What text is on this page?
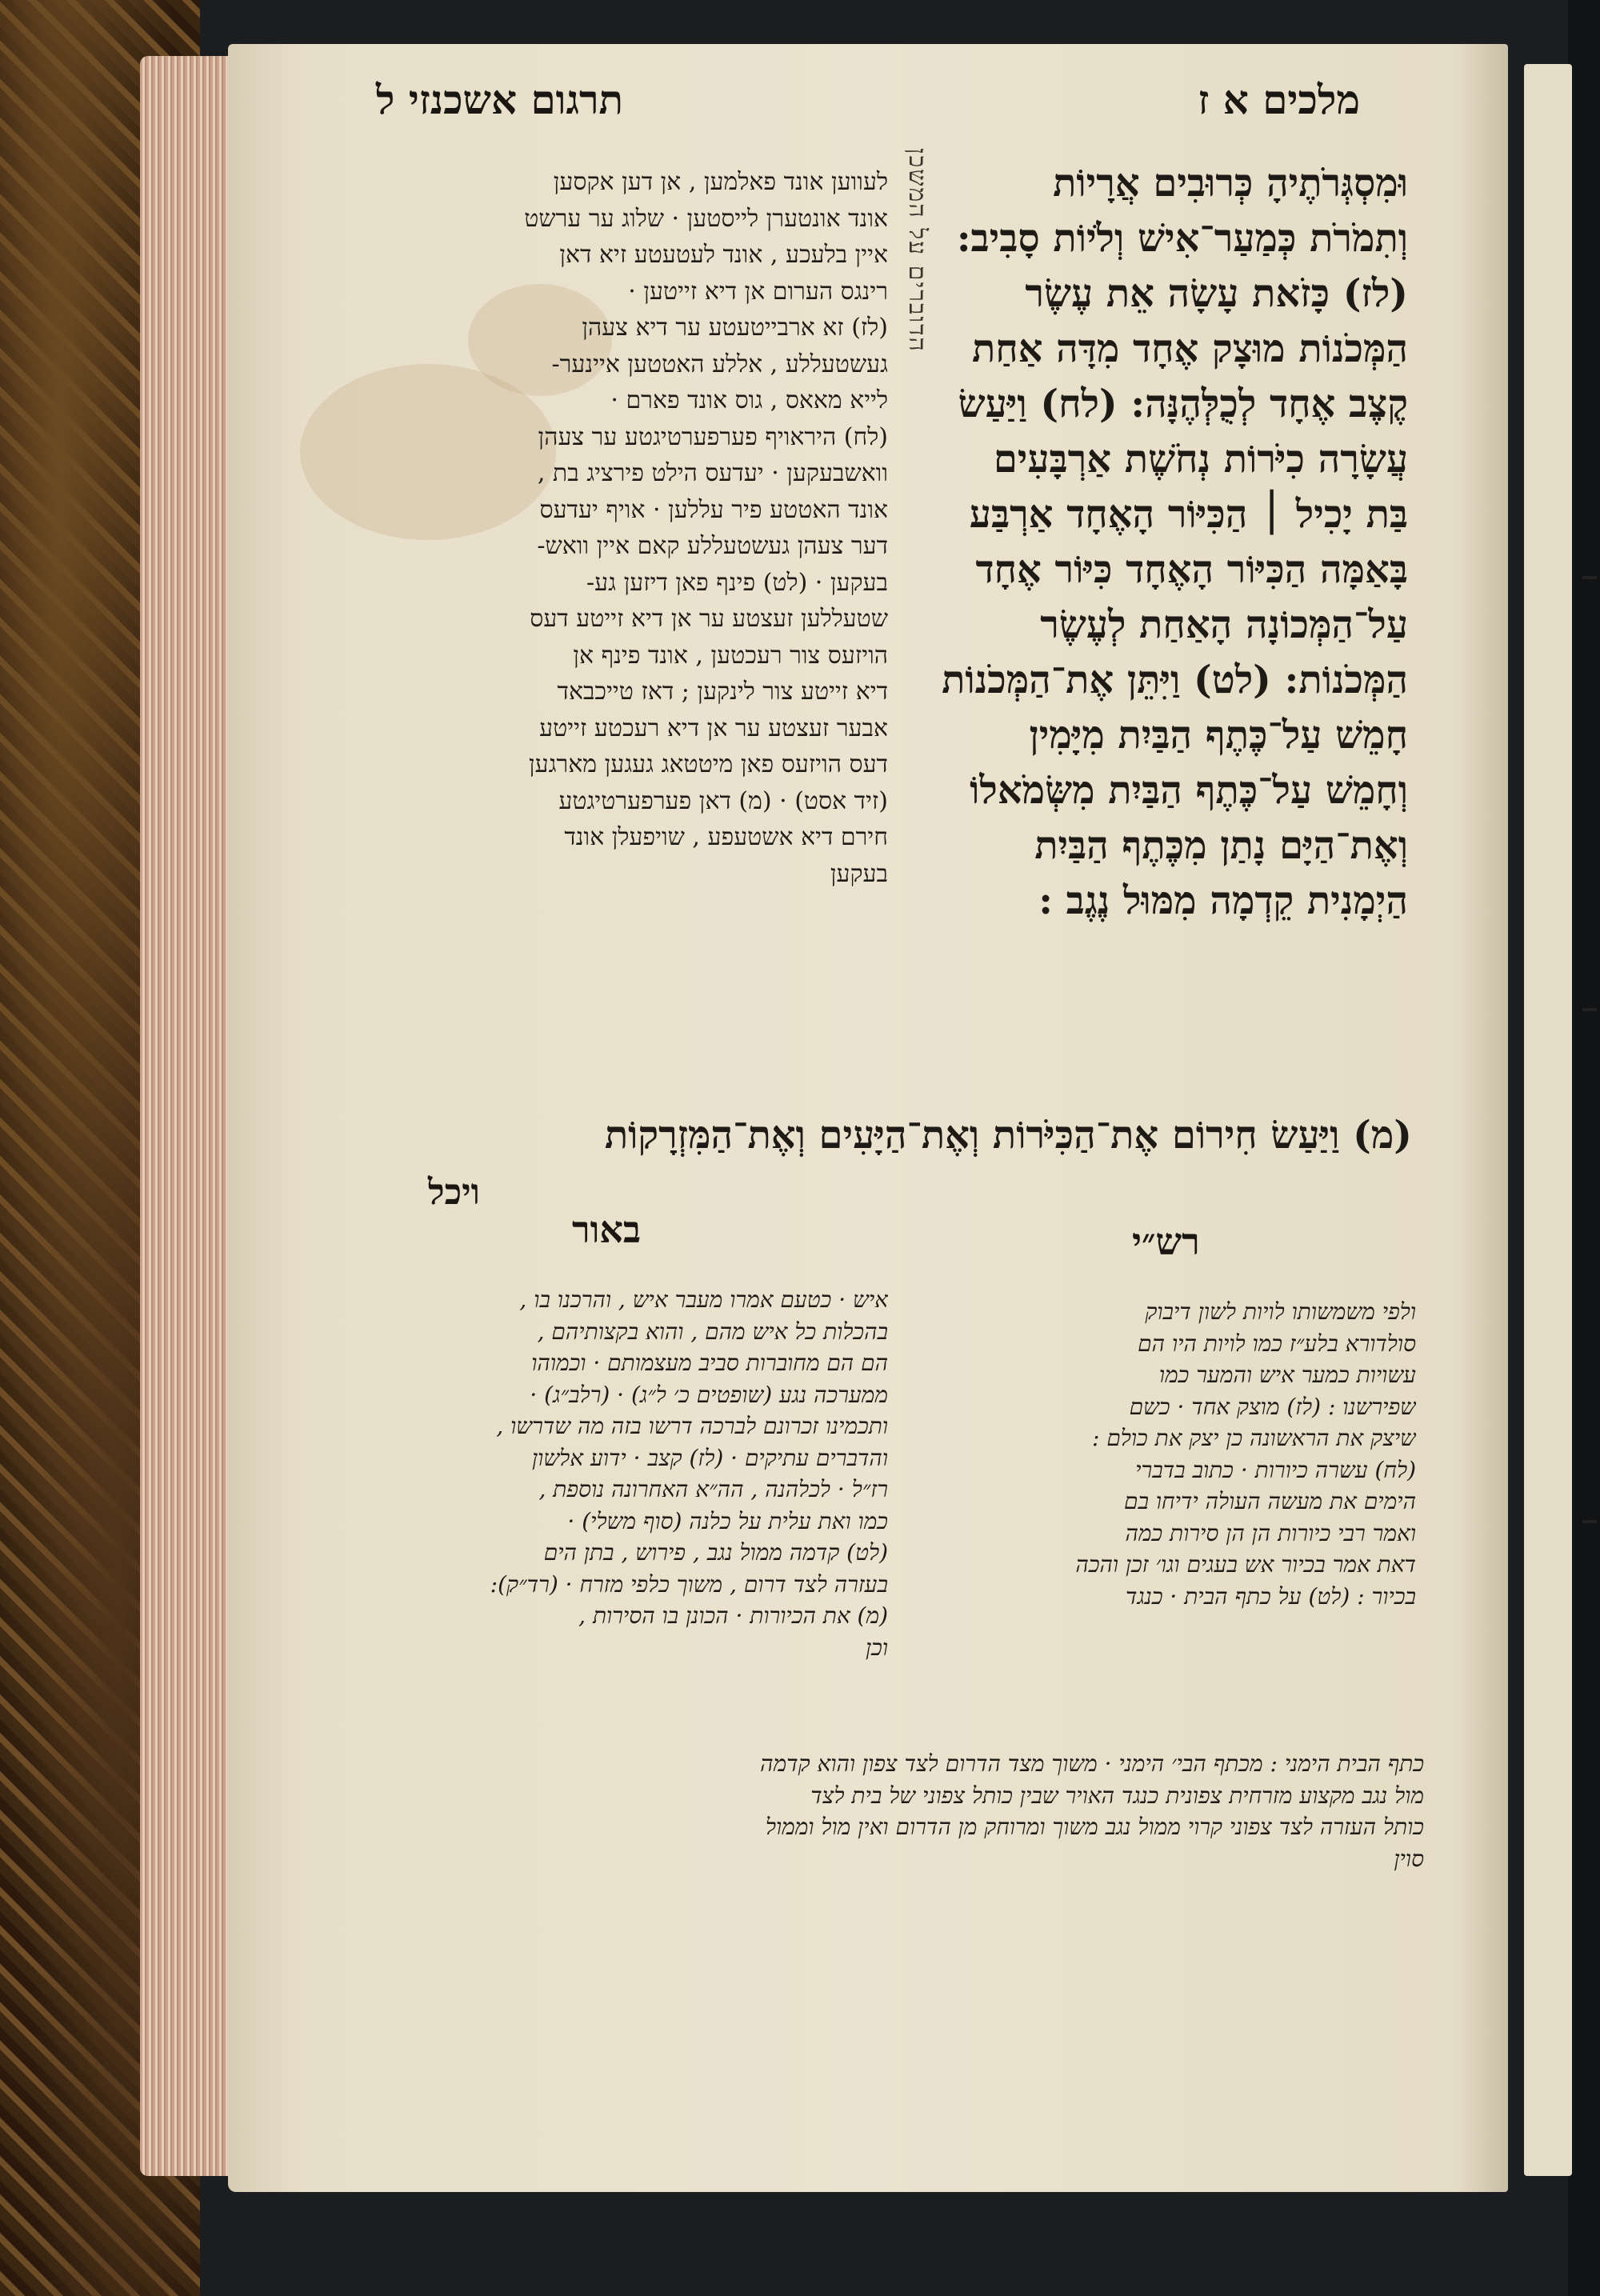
מלכים א ז
תרגום אשכנזי ל
הדוברים על המשכן	וּמִסְגְּרֹתֶיהָ כְּרוּבִים אֲרָיוֹת
וְתִמֹרֹת כְּמַעַר־אִישׁ וְלֹיוֹת סָבִיב:
(לז) כָּזֹאת עָשָׂה אֵת עֶשֶׂר
הַמְּכֹנוֹת מוּצָק אֶחָד מִדָּה אַחַת
קֶצֶב אֶחָד לְכֻלְּהֶנָּה: (לח) וַיַּעַשׂ
עֲשָׂרָה כִיֹּרוֹת נְחֹשֶׁת אַרְבָּעִים
בַּת יָכִיל ׀ הַכִּיּוֹר הָאֶחָד אַרְבַּע
בָּאַמָּה הַכִּיּוֹר הָאֶחָד כִּיּוֹר אֶחָד
עַל־הַמְּכוֹנָה הָאַחַת לְעֶשֶׂר
הַמְּכֹנוֹת: (לט) וַיִּתֵּן אֶת־הַמְּכֹנוֹת
חָמֵשׁ עַל־כֶּתֶף הַבַּיִת מִיָּמִין
וְחָמֵשׁ עַל־כֶּתֶף הַבַּיִת מִשְּׂמֹאלוֹ
וְאֶת־הַיָּם נָתַן מִכֶּתֶף הַבַּיִת
הַיְמָנִית קֵדְמָה מִמּוּל נֶגֶב :
לעווען אונד פאלמען , אן דען אקסען
אונד אונטערן לייסטען · שלוג ער ערשט
איין בלעכע , אונד לעטעטע זיא דאן
רינגס הערום אן דיא זייטען ·
(לז) זא ארבייטעטע ער דיא צעהן
געשטעללע , אללע האטטען איינער-
לייא מאאס , גוס אונד פארם ·
(לח) היראויף פערפערטיגטע ער צעהן
וואשבעקען · יעדעס הילט פירציג בת ,
אונד האטטע פיר עללען · אויף יעדעס
דער צעהן געשטעללע קאם איין וואש-
בעקען · (לט) פינף פאן דיזען גע-
שטעללען זעצטע ער אן דיא זייטע דעס
הויזעס צור רעכטען , אונד פינף אן
דיא זייטע צור לינקען ; דאז טייכבאד
אבער זעצטע ער אן דיא רעכטע זייטע
דעס הויזעס פאן מיטטאג געגען מארגען
(זיד אסט) · (מ) דאן פערפערטיגטע
חירם דיא אשטעפע , שויפעלן אונד
בעקען
(מ) וַיַּעַשׂ חִירוֹם אֶת־הַכִּיֹּרוֹת וְאֶת־הַיָּעִים וְאֶת־הַמִּזְרָקוֹת
ויכל
רש״י
באור
איש · כטעם אמרו מעבר איש , והרכנו בו ,
בהכלות כל איש מהם , והוא בקצותיהם ,
הם הם מחוברות סביב מעצמותם · וכמוהו
ממערכה נגע (שופטים כ׳ ל״ג) · (רלב״ג) ·
ותכמינו זכרונם לברכה דרשו בזה מה שדרשו ,
והדברים עתיקים · (לז) קצב · ידוע אלשון
רז״ל · לכלהנה , הה״א האחרונה נוספת ,
כמו ואת עלית על כלנה (סוף משלי) ·
(לט) קדמה ממול נגב , פירוש , בתן הים
בעזרה לצד דרום , משוך כלפי מזרח · (רד״ק):
(מ) את הכיורות · הכונן בו הסירות ,
וכן
ולפי משמשותו לויות לשון דיבוק
סולדורא בלע״ז כמו לויות היו הם
עשויות כמער איש והמער כמו
שפירשנו : (לז) מוצק אחד · כשם
שיצק את הראשונה כן יצק את כולם :
(לח) עשרה כיורות · כתוב בדברי
הימים את מעשה העולה ידיחו בם
ואמר רבי כיורות הן הן סירות כמה
דאת אמר בכיור אש בעגים וגו׳ זכן והכה
בכיור : (לט) על כתף הבית · כנגד
כתף הבית הימני : מכתף הבי׳ הימני · משוך מצד הדרום לצד צפון והוא קדמה
מול נגב מקצוע מזרחית צפונית כנגד האויר שבין כותל צפוני של בית לצד
כותל העזרה לצד צפוני קרוי ממול נגב משוך ומרוחק מן הדרום ואין מול וממול
סוין
